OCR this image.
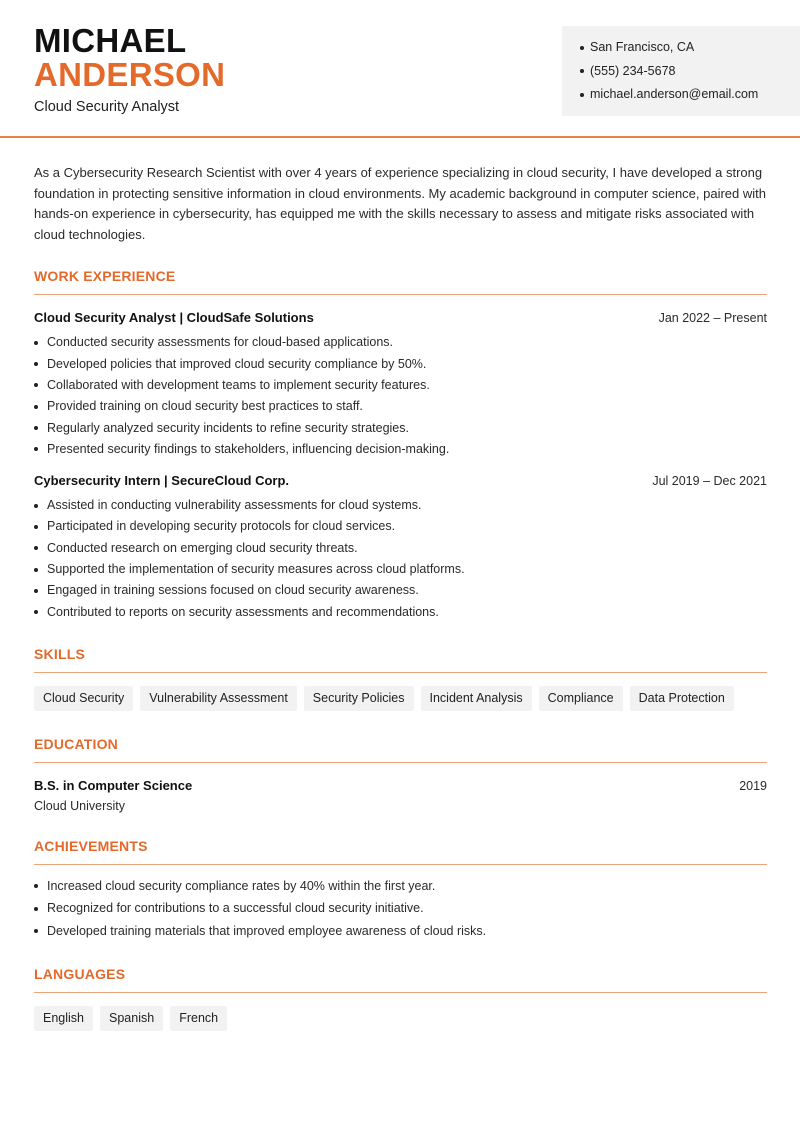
MICHAEL
ANDERSON
Cloud Security Analyst
San Francisco, CA
(555) 234-5678
michael.anderson@email.com

As a Cybersecurity Research Scientist with over 4 years of experience specializing in cloud security, I have developed a strong foundation in protecting sensitive information in cloud environments. My academic background in computer science, paired with hands-on experience in cybersecurity, has equipped me with the skills necessary to assess and mitigate risks associated with cloud technologies.

WORK EXPERIENCE
Cloud Security Analyst | CloudSafe Solutions	Jan 2022 – Present
Conducted security assessments for cloud-based applications.
Developed policies that improved cloud security compliance by 50%.
Collaborated with development teams to implement security features.
Provided training on cloud security best practices to staff.
Regularly analyzed security incidents to refine security strategies.
Presented security findings to stakeholders, influencing decision-making.
Cybersecurity Intern | SecureCloud Corp.	Jul 2019 – Dec 2021
Assisted in conducting vulnerability assessments for cloud systems.
Participated in developing security protocols for cloud services.
Conducted research on emerging cloud security threats.
Supported the implementation of security measures across cloud platforms.
Engaged in training sessions focused on cloud security awareness.
Contributed to reports on security assessments and recommendations.
SKILLS
Cloud Security	Vulnerability Assessment	Security Policies	Incident Analysis	Compliance	Data Protection
EDUCATION
B.S. in Computer Science	2019
Cloud University
ACHIEVEMENTS
Increased cloud security compliance rates by 40% within the first year.
Recognized for contributions to a successful cloud security initiative.
Developed training materials that improved employee awareness of cloud risks.
LANGUAGES
English	Spanish	French
